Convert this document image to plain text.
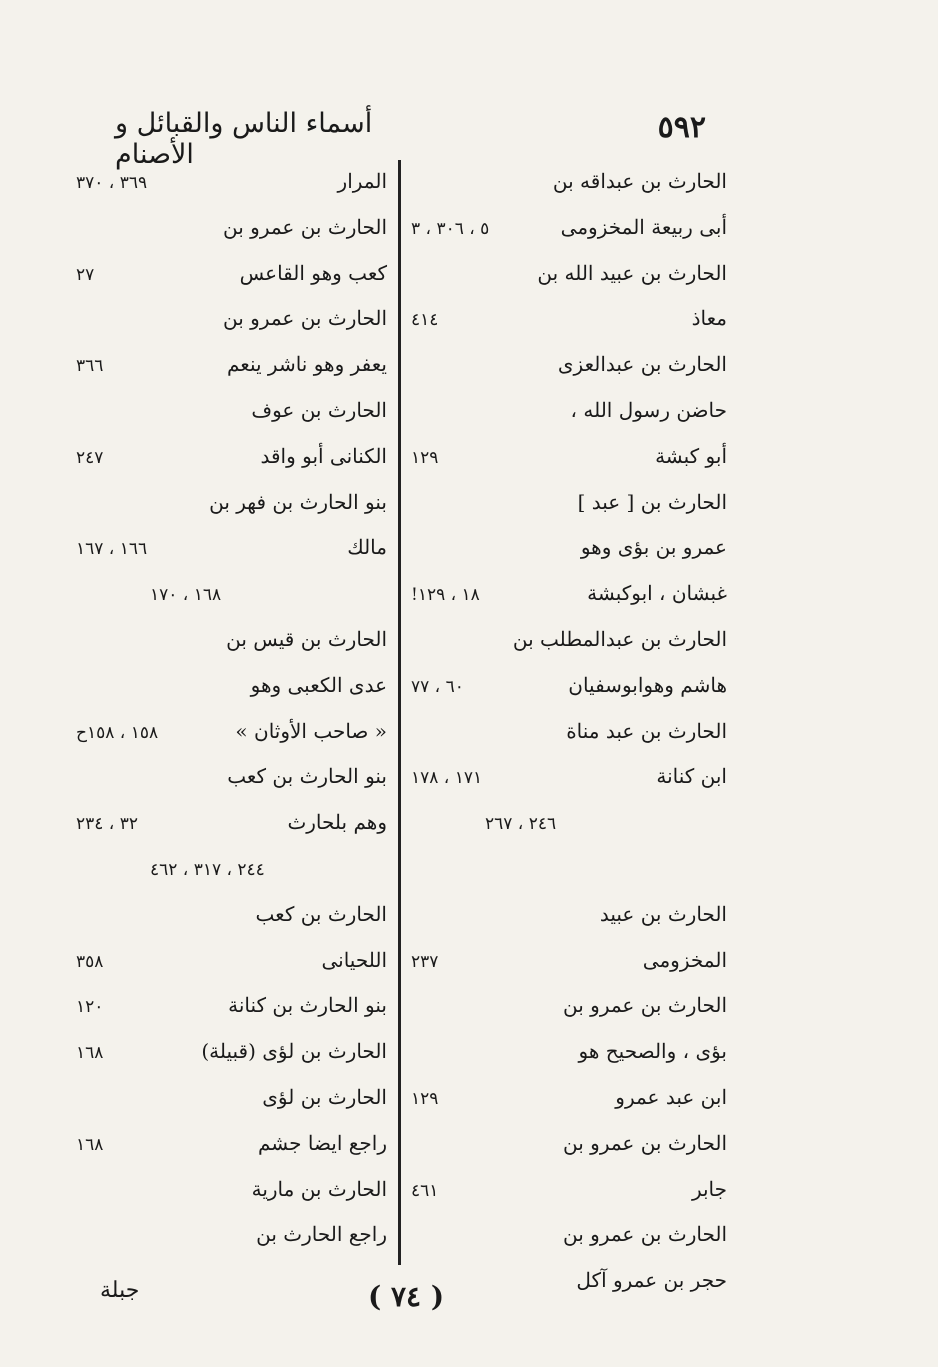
٥٩٢
أسماء الناس والقبائل و الأصنام
الحارث بن عبداقه بن
أبى ربيعة المخزومى
٥ ، ٣٠٦ ، ٣
الحارث بن عبيد الله بن
معاذ
٤١٤
الحارث بن عبدالعزى
حاضن رسول الله ،
أبو كبشة
١٢٩
الحارث بن [ عبد ]
عمرو بن بؤى وهو
غبشان ، ابوكبشة
١٨ ، ١٢٩!
الحارث بن عبدالمطلب بن
هاشم وهوابوسفيان
٦٠ ، ٧٧
الحارث بن عبد مناة
ابن كنانة
١٧١ ، ١٧٨
٢٤٦ ، ٢٦٧
الحارث بن عبيد
المخزومى
٢٣٧
الحارث بن عمرو بن
بؤى ، والصحيح هو
ابن عبد عمرو
١٢٩
الحارث بن عمرو بن
جابر
٤٦١
الحارث بن عمرو بن
حجر بن عمرو آكل
المرار
٣٦٩ ، ٣٧٠
الحارث بن عمرو بن
كعب وهو القاعس
٢٧
الحارث بن عمرو بن
يعفر وهو ناشر ينعم
٣٦٦
الحارث بن عوف
الكنانى أبو واقد
٢٤٧
بنو الحارث بن فهر بن
مالك
١٦٦ ، ١٦٧
١٦٨ ، ١٧٠
الحارث بن قيس بن
عدى الكعبى وهو
« صاحب الأوثان »
١٥٨ ، ١٥٨ح
بنو الحارث بن كعب
وهم بلحارث
٣٢ ، ٢٣٤
٢٤٤ ، ٣١٧ ، ٤٦٢
الحارث بن كعب
اللحيانى
٣٥٨
بنو الحارث بن كنانة
١٢٠
الحارث بن لؤى (قبيلة)
١٦٨
الحارث بن لؤى
راجع ايضا جشم
١٦٨
الحارث بن مارية
راجع الحارث بن
( ٧٤ )
جبلة
